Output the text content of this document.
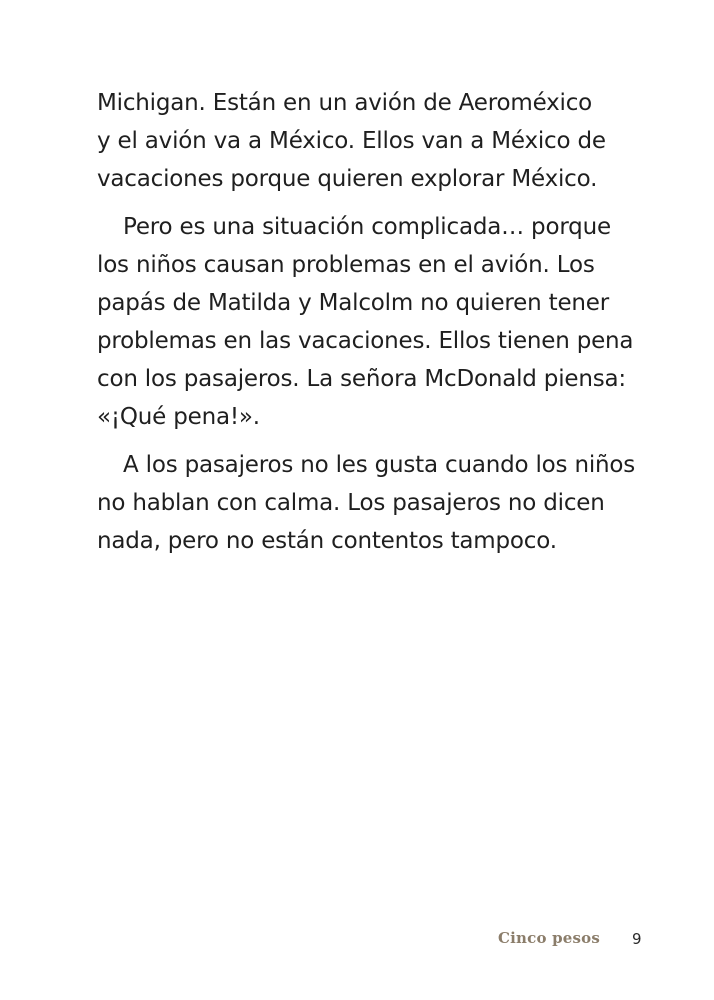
Michigan. Están en un avión de Aeroméxico
y el avión va a México. Ellos van a México de
vacaciones porque quieren explorar México.
Pero es una situación complicada… porque
los niños causan problemas en el avión. Los
papás de Matilda y Malcolm no quieren tener
problemas en las vacaciones. Ellos tienen pena
con los pasajeros. La señora McDonald piensa:
«¡Qué pena!».
A los pasajeros no les gusta cuando los niños
no hablan con calma. Los pasajeros no dicen
nada, pero no están contentos tampoco.
Cinco pesos 9
